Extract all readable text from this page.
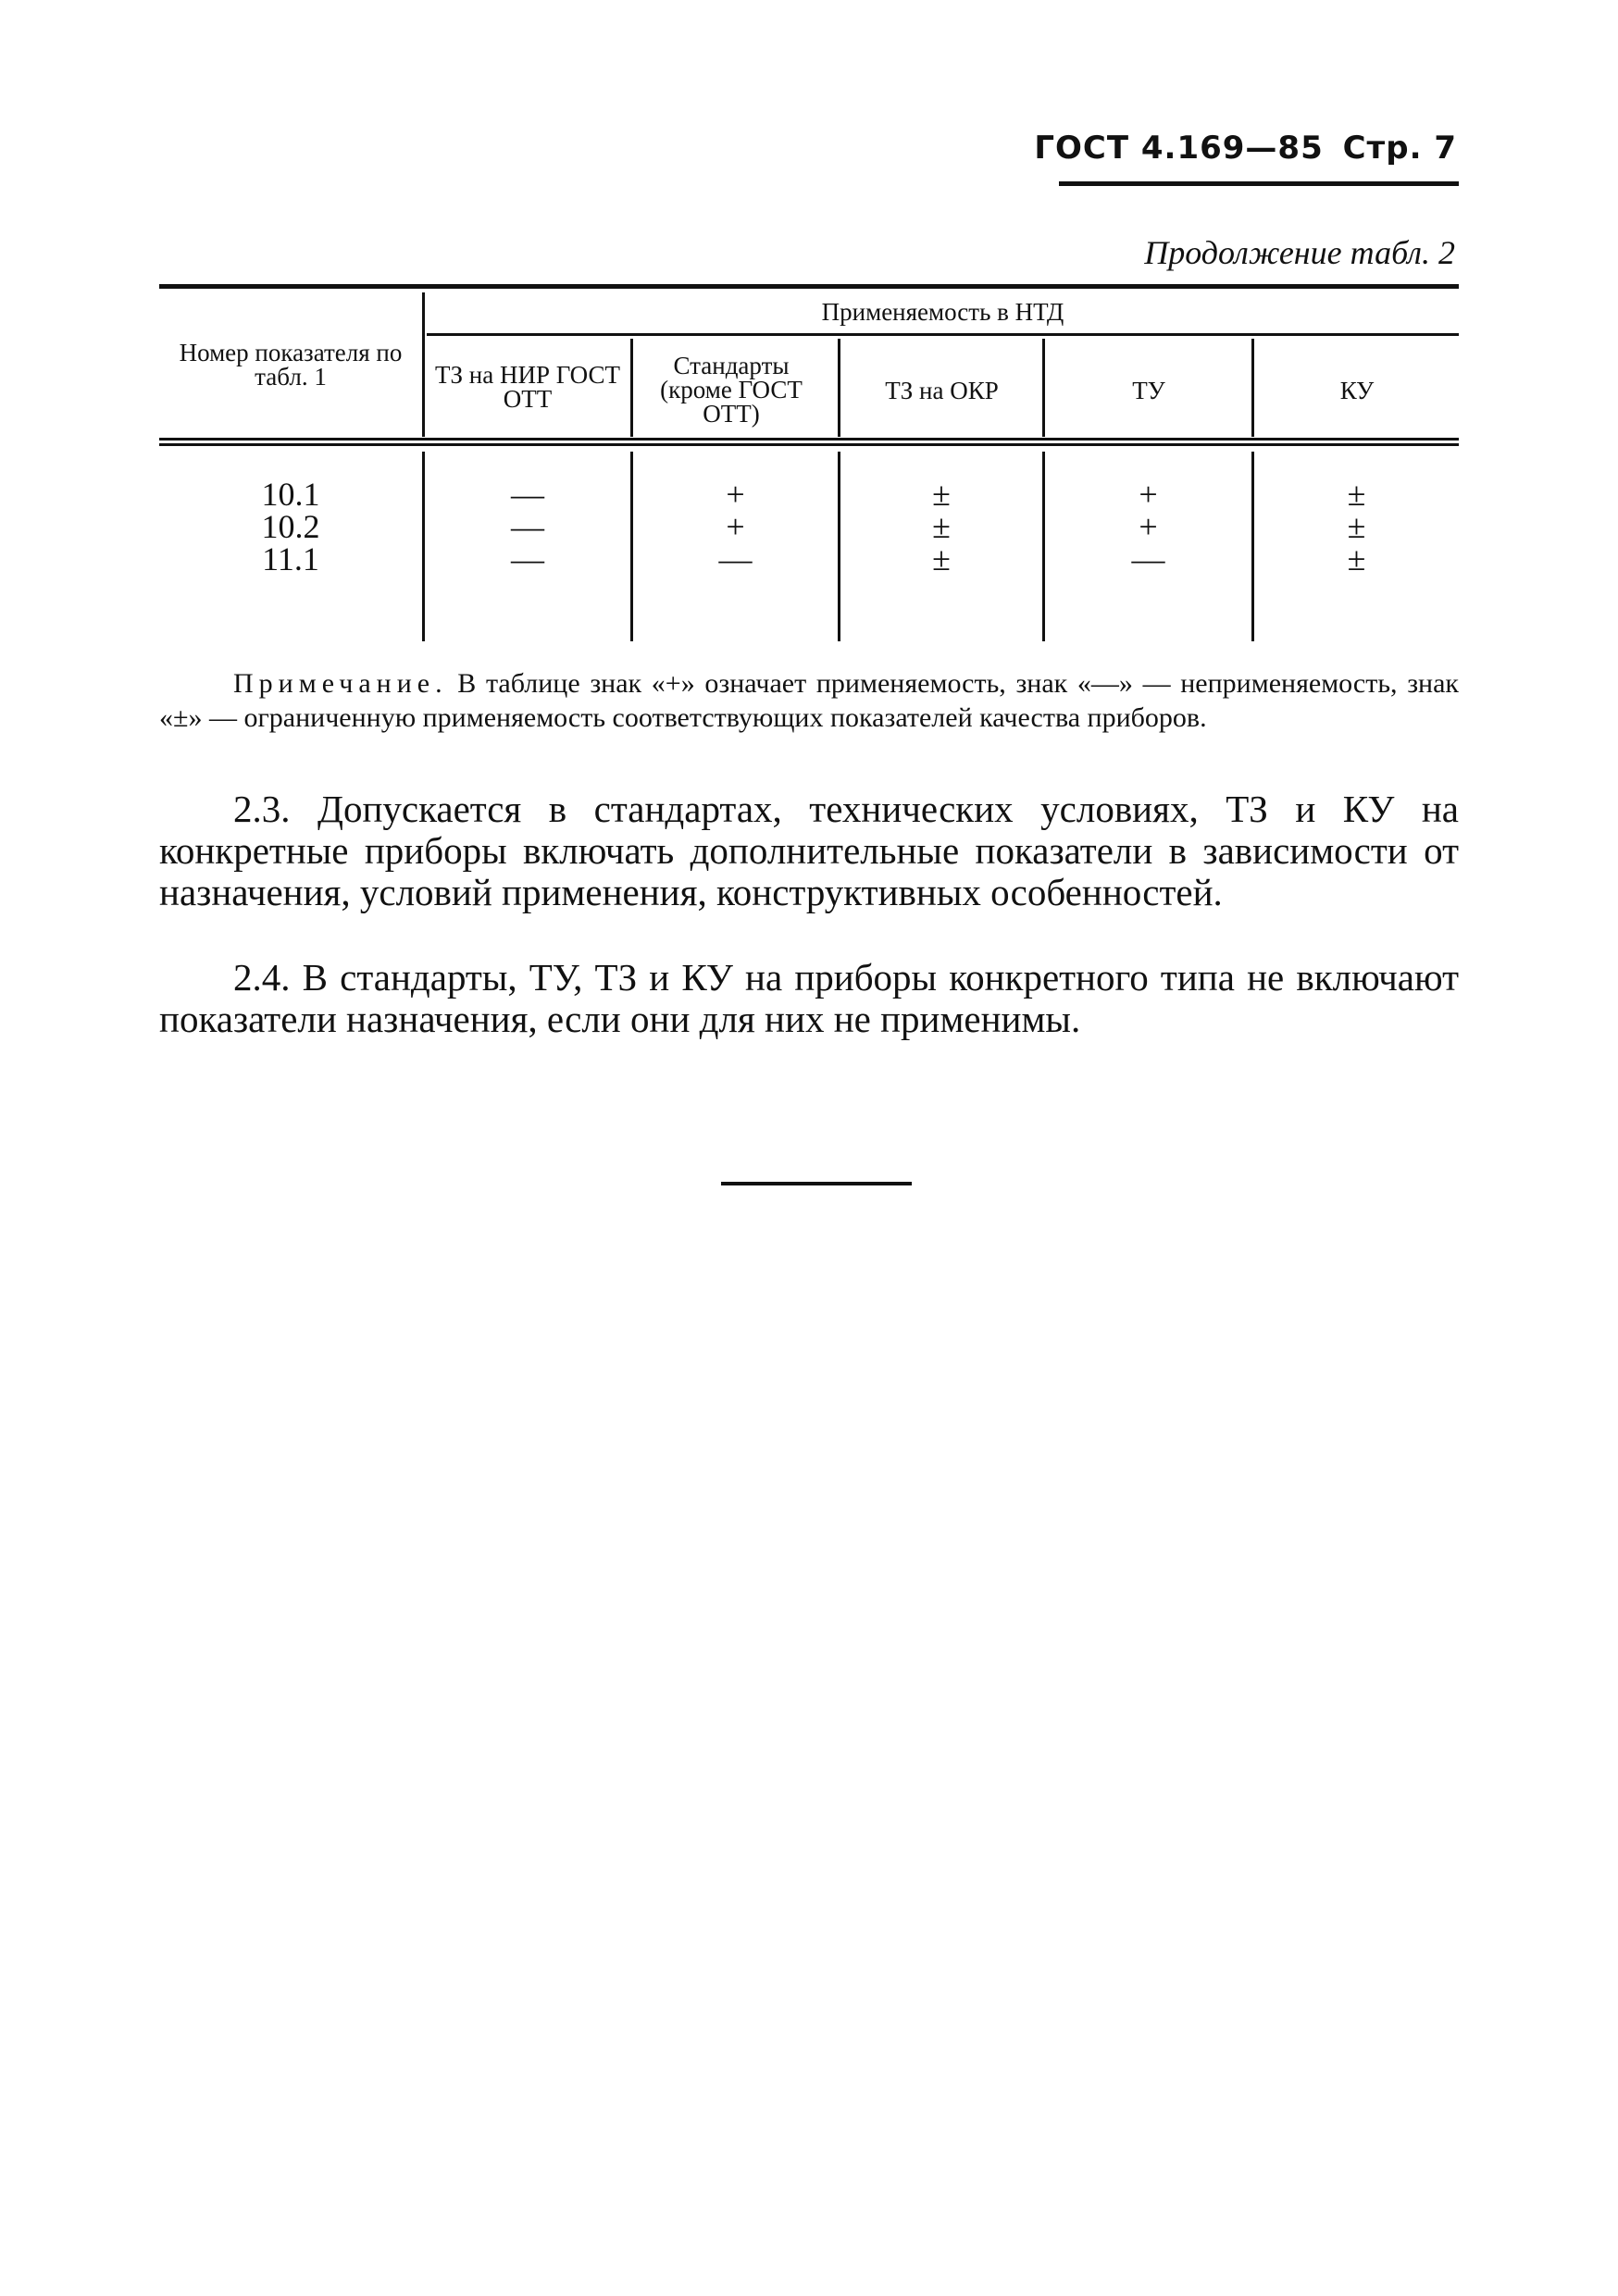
ГОСТ 4.169—85 Стр. 7
Продолжение табл. 2
Номер показателя по табл. 1
Применяемость в НТД
ТЗ на НИР ГОСТ ОТТ
Стандарты (кроме ГОСТ ОТТ)
ТЗ на ОКР	ТУ	КУ
10.1
10.2
11.1
—
—
—
+
+
—
±
±
±
+
+
—
±
±
±
Примечание. В таблице знак «+» означает применяемость, знак «—» — неприменяемость, знак «±» — ограниченную применяемость соответствующих показателей качества приборов.
2.3. Допускается в стандартах, технических условиях, ТЗ и КУ на конкретные приборы включать дополнительные показатели в зависимости от назначения, условий применения, конструктивных особенностей.
2.4. В стандарты, ТУ, ТЗ и КУ на приборы конкретного типа не включают показатели назначения, если они для них не применимы.
